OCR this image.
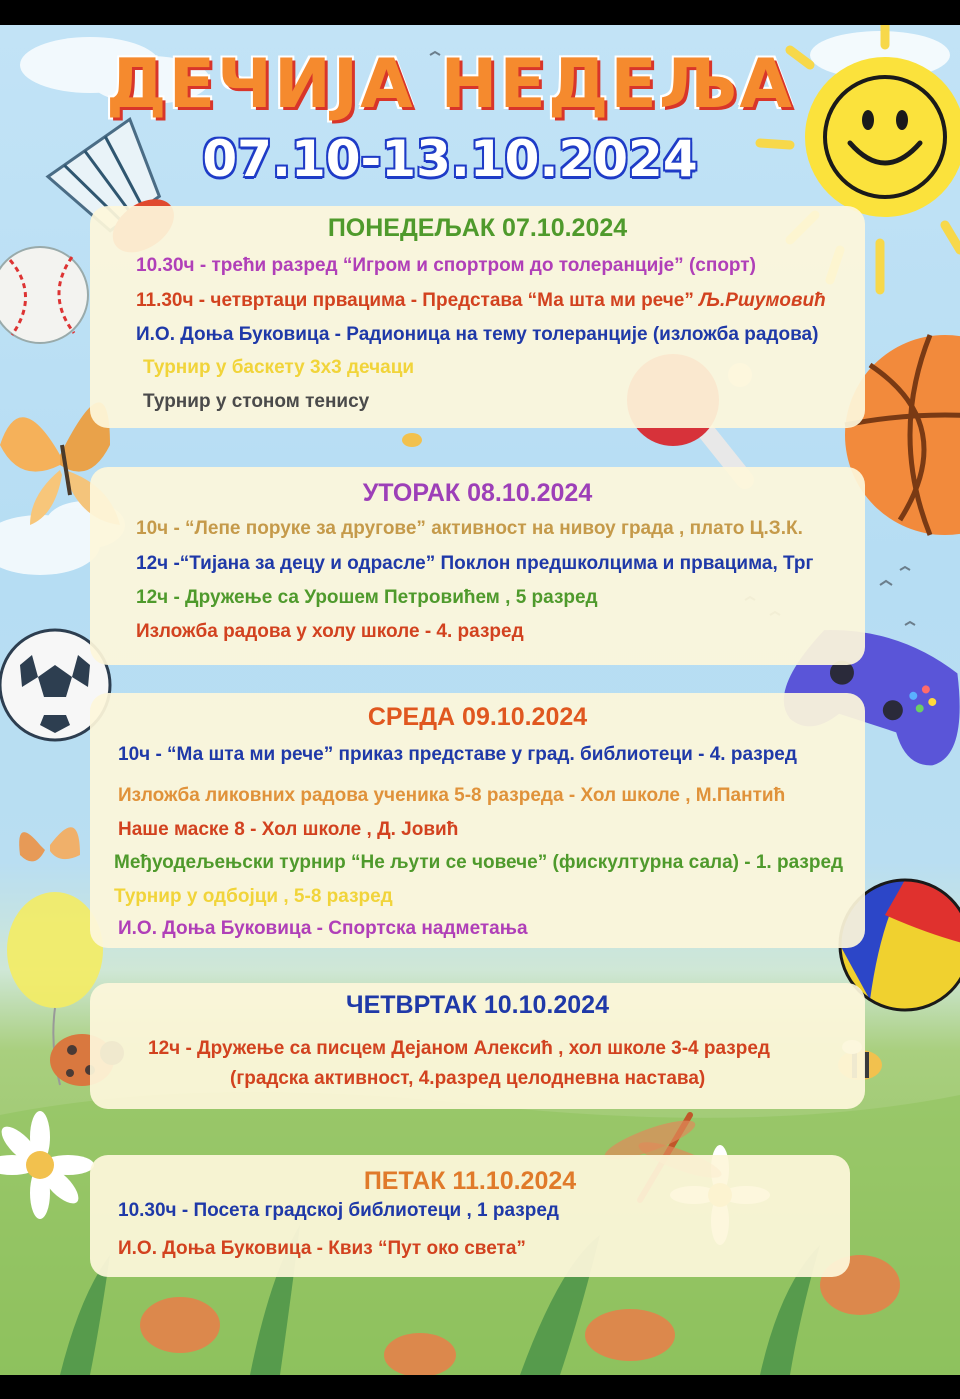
ДЕЧИЈА НЕДЕЉА
07.10-13.10.2024
ПОНЕДЕЉАК 07.10.2024
10.30ч - трећи разред “Игром и спортром до толеранције” (спорт)
11.30ч - четвртаци првацима - Представа “Ма шта ми рече” Љ.Ршумовић
И.О. Доња Буковица - Радионица на тему толеранције (изложба радова)
Турнир у баскету 3х3 дечаци
Турнир у стоном тенису
УТОРАК 08.10.2024
10ч - “Лепе поруке за другове” активност на нивоу града , плато Ц.З.К.
12ч -“Тијана за децу и одрасле” Поклон предшколцима и првацима, Трг
12ч - Дружење са Урошем Петровићем , 5 разред
Изложба радова у холу школе - 4. разред
СРЕДА 09.10.2024
10ч - “Ма шта ми рече” приказ представе у град. библиотеци - 4. разред
Изложба ликовних радова ученика 5-8 разреда - Хол школе , М.Пантић
Наше маске 8 - Хол школе , Д. Јовић
Међуодељењски турнир “Не љути се човече” (фискултурна сала) - 1. разред
Турнир у одбојци , 5-8 разред
И.О. Доња Буковица - Спортска надметања
ЧЕТВРТАК 10.10.2024
12ч - Дружење са писцем Дејаном Алексић , хол школе 3-4 разред
(градска активност, 4.разред целодневна настава)
ПЕТАК 11.10.2024
10.30ч - Посета градској библиотеци , 1 разред
И.О. Доња Буковица - Квиз “Пут око света”
